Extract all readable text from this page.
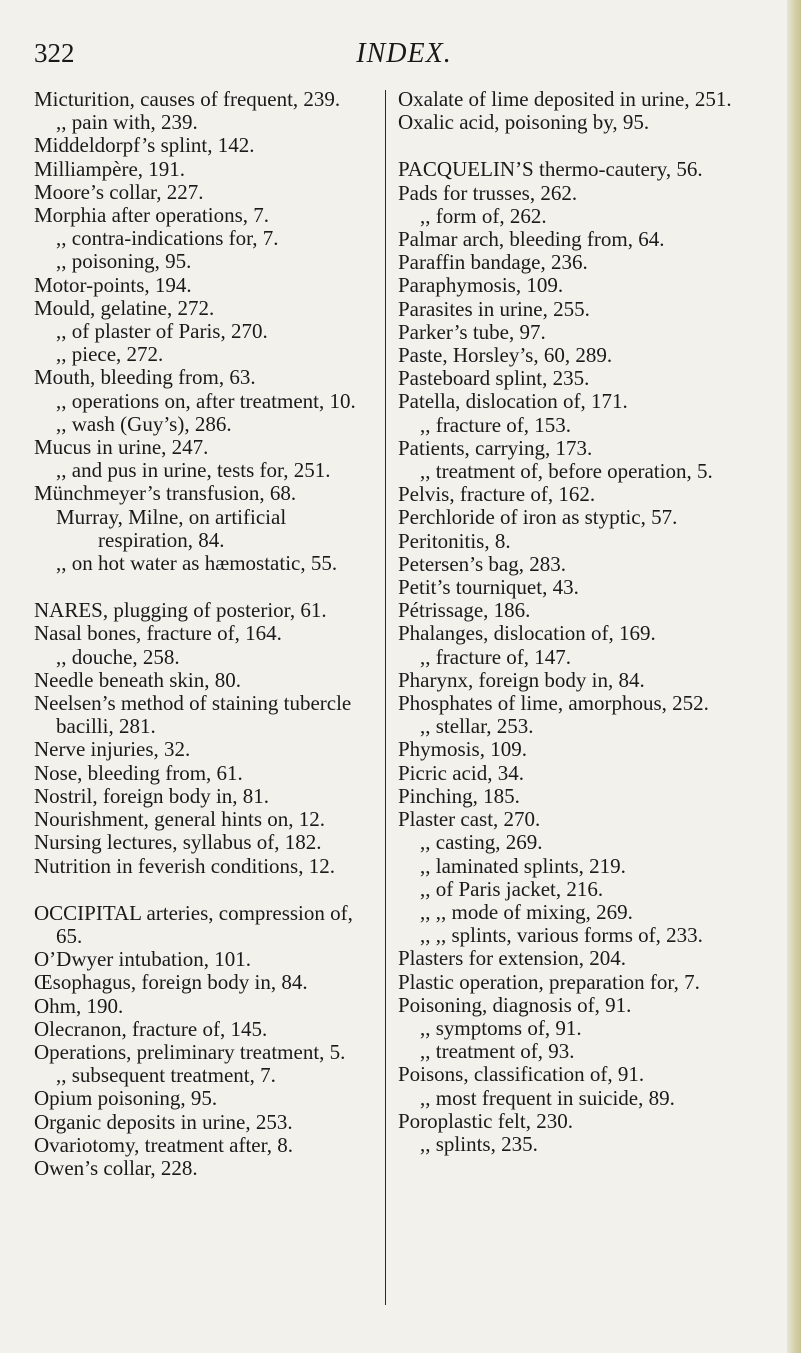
322	INDEX.
Micturition, causes of frequent, 239.
,, pain with, 239.
Middeldorpf’s splint, 142.
Milliampère, 191.
Moore’s collar, 227.
Morphia after operations, 7.
,, contra-indications for, 7.
,, poisoning, 95.
Motor-points, 194.
Mould, gelatine, 272.
,, of plaster of Paris, 270.
,, piece, 272.
Mouth, bleeding from, 63.
,, operations on, after treatment, 10.
,, wash (Guy’s), 286.
Mucus in urine, 247.
,, and pus in urine, tests for, 251.
Münchmeyer’s transfusion, 68.
Murray, Milne, on artificial respiration, 84.
,, on hot water as hæmostatic, 55.
NARES, plugging of posterior, 61.
Nasal bones, fracture of, 164.
,, douche, 258.
Needle beneath skin, 80.
Neelsen’s method of staining tubercle bacilli, 281.
Nerve injuries, 32.
Nose, bleeding from, 61.
Nostril, foreign body in, 81.
Nourishment, general hints on, 12.
Nursing lectures, syllabus of, 182.
Nutrition in feverish conditions, 12.
OCCIPITAL arteries, compression of, 65.
O’Dwyer intubation, 101.
Œsophagus, foreign body in, 84.
Ohm, 190.
Olecranon, fracture of, 145.
Operations, preliminary treatment, 5.
,, subsequent treatment, 7.
Opium poisoning, 95.
Organic deposits in urine, 253.
Ovariotomy, treatment after, 8.
Owen’s collar, 228.
Oxalate of lime deposited in urine, 251.
Oxalic acid, poisoning by, 95.
PACQUELIN’S thermo-cautery, 56.
Pads for trusses, 262.
,, form of, 262.
Palmar arch, bleeding from, 64.
Paraffin bandage, 236.
Paraphymosis, 109.
Parasites in urine, 255.
Parker’s tube, 97.
Paste, Horsley’s, 60, 289.
Pasteboard splint, 235.
Patella, dislocation of, 171.
,, fracture of, 153.
Patients, carrying, 173.
,, treatment of, before operation, 5.
Pelvis, fracture of, 162.
Perchloride of iron as styptic, 57.
Peritonitis, 8.
Petersen’s bag, 283.
Petit’s tourniquet, 43.
Pétrissage, 186.
Phalanges, dislocation of, 169.
,, fracture of, 147.
Pharynx, foreign body in, 84.
Phosphates of lime, amorphous, 252.
,, stellar, 253.
Phymosis, 109.
Picric acid, 34.
Pinching, 185.
Plaster cast, 270.
,, casting, 269.
,, laminated splints, 219.
,, of Paris jacket, 216.
,, ,, mode of mixing, 269.
,, ,, splints, various forms of, 233.
Plasters for extension, 204.
Plastic operation, preparation for, 7.
Poisoning, diagnosis of, 91.
,, symptoms of, 91.
,, treatment of, 93.
Poisons, classification of, 91.
,, most frequent in suicide, 89.
Poroplastic felt, 230.
,, splints, 235.
